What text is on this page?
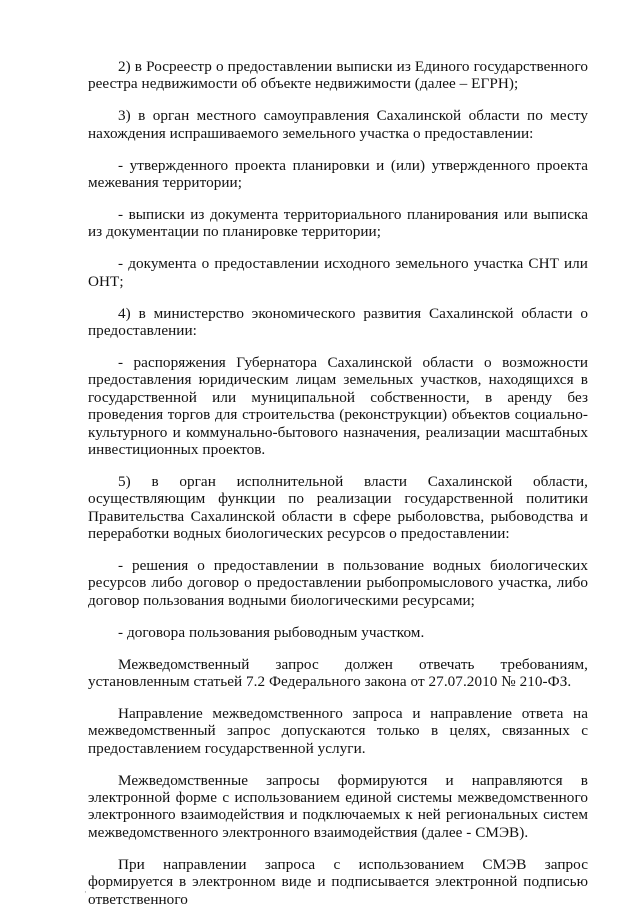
2) в Росреестр о предоставлении выписки из Единого государственного реестра недвижимости об объекте недвижимости (далее – ЕГРН);

3) в орган местного самоуправления Сахалинской области по месту нахождения испрашиваемого земельного участка о предоставлении:

- утвержденного проекта планировки и (или) утвержденного проекта межевания территории;

- выписки из документа территориального планирования или выписка из документации по планировке территории;

- документа о предоставлении исходного земельного участка СНТ или ОНТ;

4) в министерство экономического развития Сахалинской области о предоставлении:

- распоряжения Губернатора Сахалинской области о возможности предоставления юридическим лицам земельных участков, находящихся в государственной или муниципальной собственности, в аренду без проведения торгов для строительства (реконструкции) объектов социально-культурного и коммунально-бытового назначения, реализации масштабных инвестиционных проектов.

5) в орган исполнительной власти Сахалинской области, осуществляющим функции по реализации государственной политики Правительства Сахалинской области в сфере рыболовства, рыбоводства и переработки водных биологических ресурсов о предоставлении:

- решения о предоставлении в пользование водных биологических ресурсов либо договор о предоставлении рыбопромыслового участка, либо договор пользования водными биологическими ресурсами;

- договора пользования рыбоводным участком.

Межведомственный запрос должен отвечать требованиям, установленным статьей 7.2 Федерального закона от 27.07.2010 № 210-ФЗ.

Направление межведомственного запроса и направление ответа на межведомственный запрос допускаются только в целях, связанных с предоставлением государственной услуги.

Межведомственные запросы формируются и направляются в электронной форме с использованием единой системы межведомственного электронного взаимодействия и подключаемых к ней региональных систем межведомственного электронного взаимодействия (далее - СМЭВ).

При направлении запроса с использованием СМЭВ запрос формируется в электронном виде и подписывается электронной подписью ответственного

·
